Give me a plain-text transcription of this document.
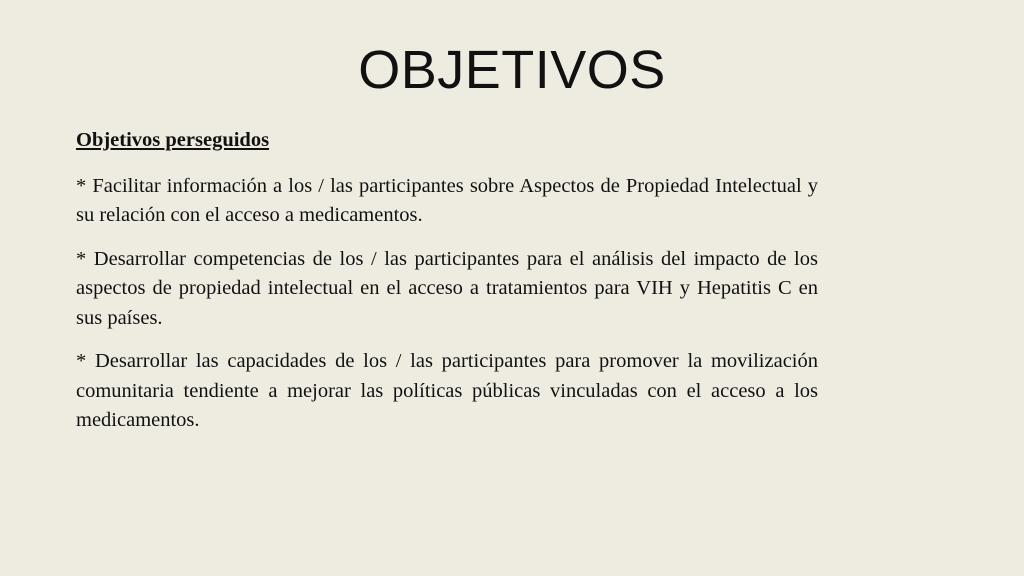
OBJETIVOS
Objetivos perseguidos
* Facilitar información a los / las participantes sobre Aspectos de Propiedad Intelectual y su relación con el acceso a medicamentos.
* Desarrollar competencias de los / las participantes para el análisis del impacto de los aspectos de propiedad intelectual en el acceso a tratamientos para VIH y Hepatitis C en sus países.
* Desarrollar las capacidades de los / las participantes para promover la movilización comunitaria tendiente a mejorar las políticas públicas vinculadas con el acceso a los medicamentos.
